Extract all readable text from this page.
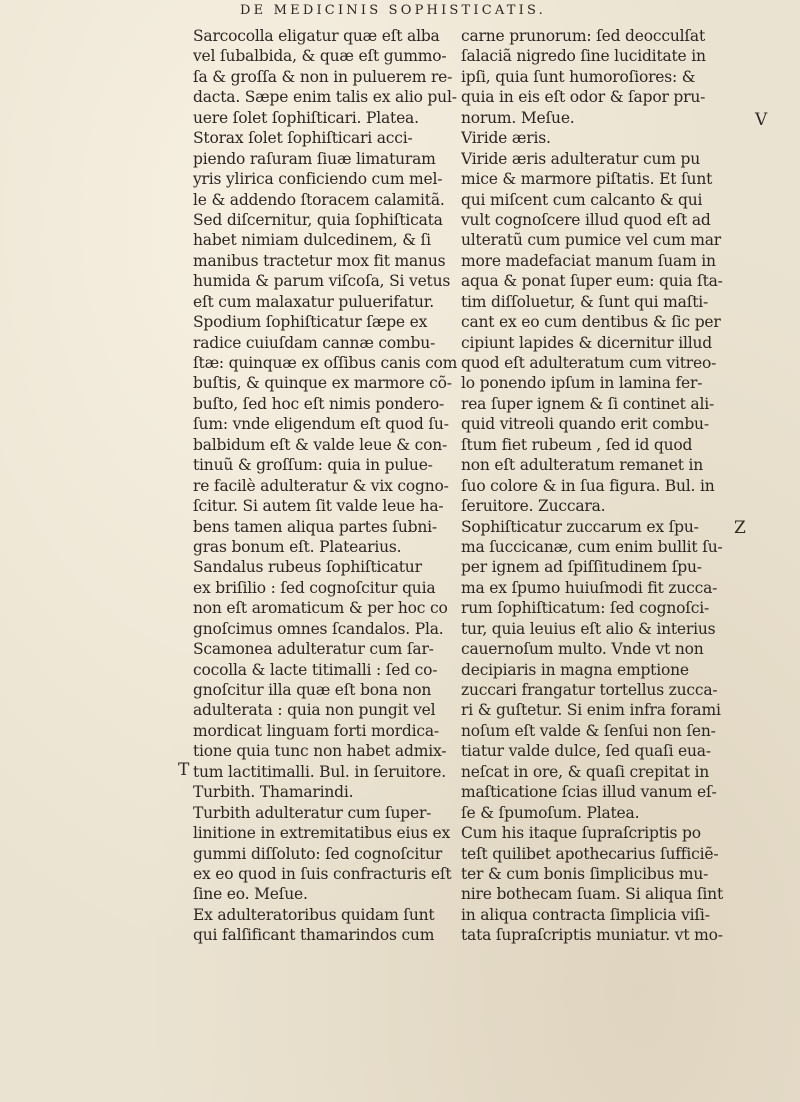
DE MEDICINIS SOPHISTICATIS.
T
V
Z
Sarcocolla eligatur quæ eſt alba
vel ſubalbida, & quæ eſt gummo-
ſa & groſſa & non in puluerem re-
dacta. Sæpe enim talis ex alio pul-
uere ſolet ſophiſticari. Platea.
Storax ſolet ſophiſticari acci-
piendo raſuram ſiuæ limaturam
yris ylirica conficiendo cum mel-
le & addendo ſtoracem calamitã.
Sed diſcernitur, quia ſophiſticata
habet nimiam dulcedinem, & ſi
manibus tractetur mox fit manus
humida & parum viſcoſa, Si vetus
eſt cum malaxatur puluerifatur.
Spodium ſophiſticatur ſæpe ex
radice cuiuſdam cannæ combu-
ſtæ: quinquæ ex oſſibus canis com
buſtis, & quinque ex marmore cõ-
buſto, ſed hoc eſt nimis pondero-
ſum: vnde eligendum eſt quod ſu-
balbidum eſt & valde leue & con-
tinuũ & groſſum: quia in pulue-
re facilè adulteratur & vix cogno-
ſcitur. Si autem ſit valde leue ha-
bens tamen aliqua partes ſubni-
gras bonum eſt. Platearius.
Sandalus rubeus ſophiſticatur
ex briſilio : ſed cognoſcitur quia
non eſt aromaticum & per hoc co
gnoſcimus omnes ſcandalos. Pla.
Scamonea adulteratur cum ſar-
cocolla & lacte titimalli : ſed co-
gnoſcitur illa quæ eſt bona non
adulterata : quia non pungit vel
mordicat linguam forti mordica-
tione quia tunc non habet admix-
tum lactitimalli. Bul. in ſeruitore.
Turbith. Thamarindi.
Turbith adulteratur cum ſuper-
linitione in extremitatibus eius ex
gummi diſſoluto: ſed cognoſcitur
ex eo quod in ſuis confracturis eſt
ſine eo. Meſue.
Ex adulteratoribus quidam ſunt
qui falſificant thamarindos cum
carne prunorum: ſed deocculſat
ſalaciã nigredo ſine luciditate in
ipſi, quia ſunt humoroſiores: &
quia in eis eſt odor & ſapor pru-
norum. Meſue.
Viride æris.
Viride æris adulteratur cum pu
mice & marmore piſtatis. Et ſunt
qui miſcent cum calcanto & qui
vult cognoſcere illud quod eſt ad
ulteratũ cum pumice vel cum mar
more madefaciat manum ſuam in
aqua & ponat ſuper eum: quia ſta-
tim diſſoluetur, & ſunt qui maſti-
cant ex eo cum dentibus & ſic per
cipiunt lapides & dicernitur illud
quod eſt adulteratum cum vitreo-
lo ponendo ipſum in lamina fer-
rea ſuper ignem & ſi continet ali-
quid vitreoli quando erit combu-
ſtum fiet rubeum , ſed id quod
non eſt adulteratum remanet in
ſuo colore & in ſua figura. Bul. in
ſeruitore. Zuccara.
Sophiſticatur zuccarum ex ſpu-
ma ſuccicanæ, cum enim bullit ſu-
per ignem ad ſpiſſitudinem ſpu-
ma ex ſpumo huiuſmodi fit zucca-
rum ſophiſticatum: ſed cognoſci-
tur, quia leuius eſt alio & interius
cauernoſum multo. Vnde vt non
decipiaris in magna emptione
zuccari frangatur tortellus zucca-
ri & guſtetur. Si enim infra forami
noſum eſt valde & ſenſui non ſen-
tiatur valde dulce, ſed quaſi eua-
neſcat in ore, & quaſi crepitat in
maſticatione ſcias illud vanum eſ-
ſe & ſpumoſum. Platea.
Cum his itaque ſupraſcriptis po
teſt quilibet apothecarius ſufficiẽ-
ter & cum bonis ſimplicibus mu-
nire bothecam ſuam. Si aliqua ſint
in aliqua contracta ſimplicia viſi-
tata ſupraſcriptis muniatur. vt mo-
